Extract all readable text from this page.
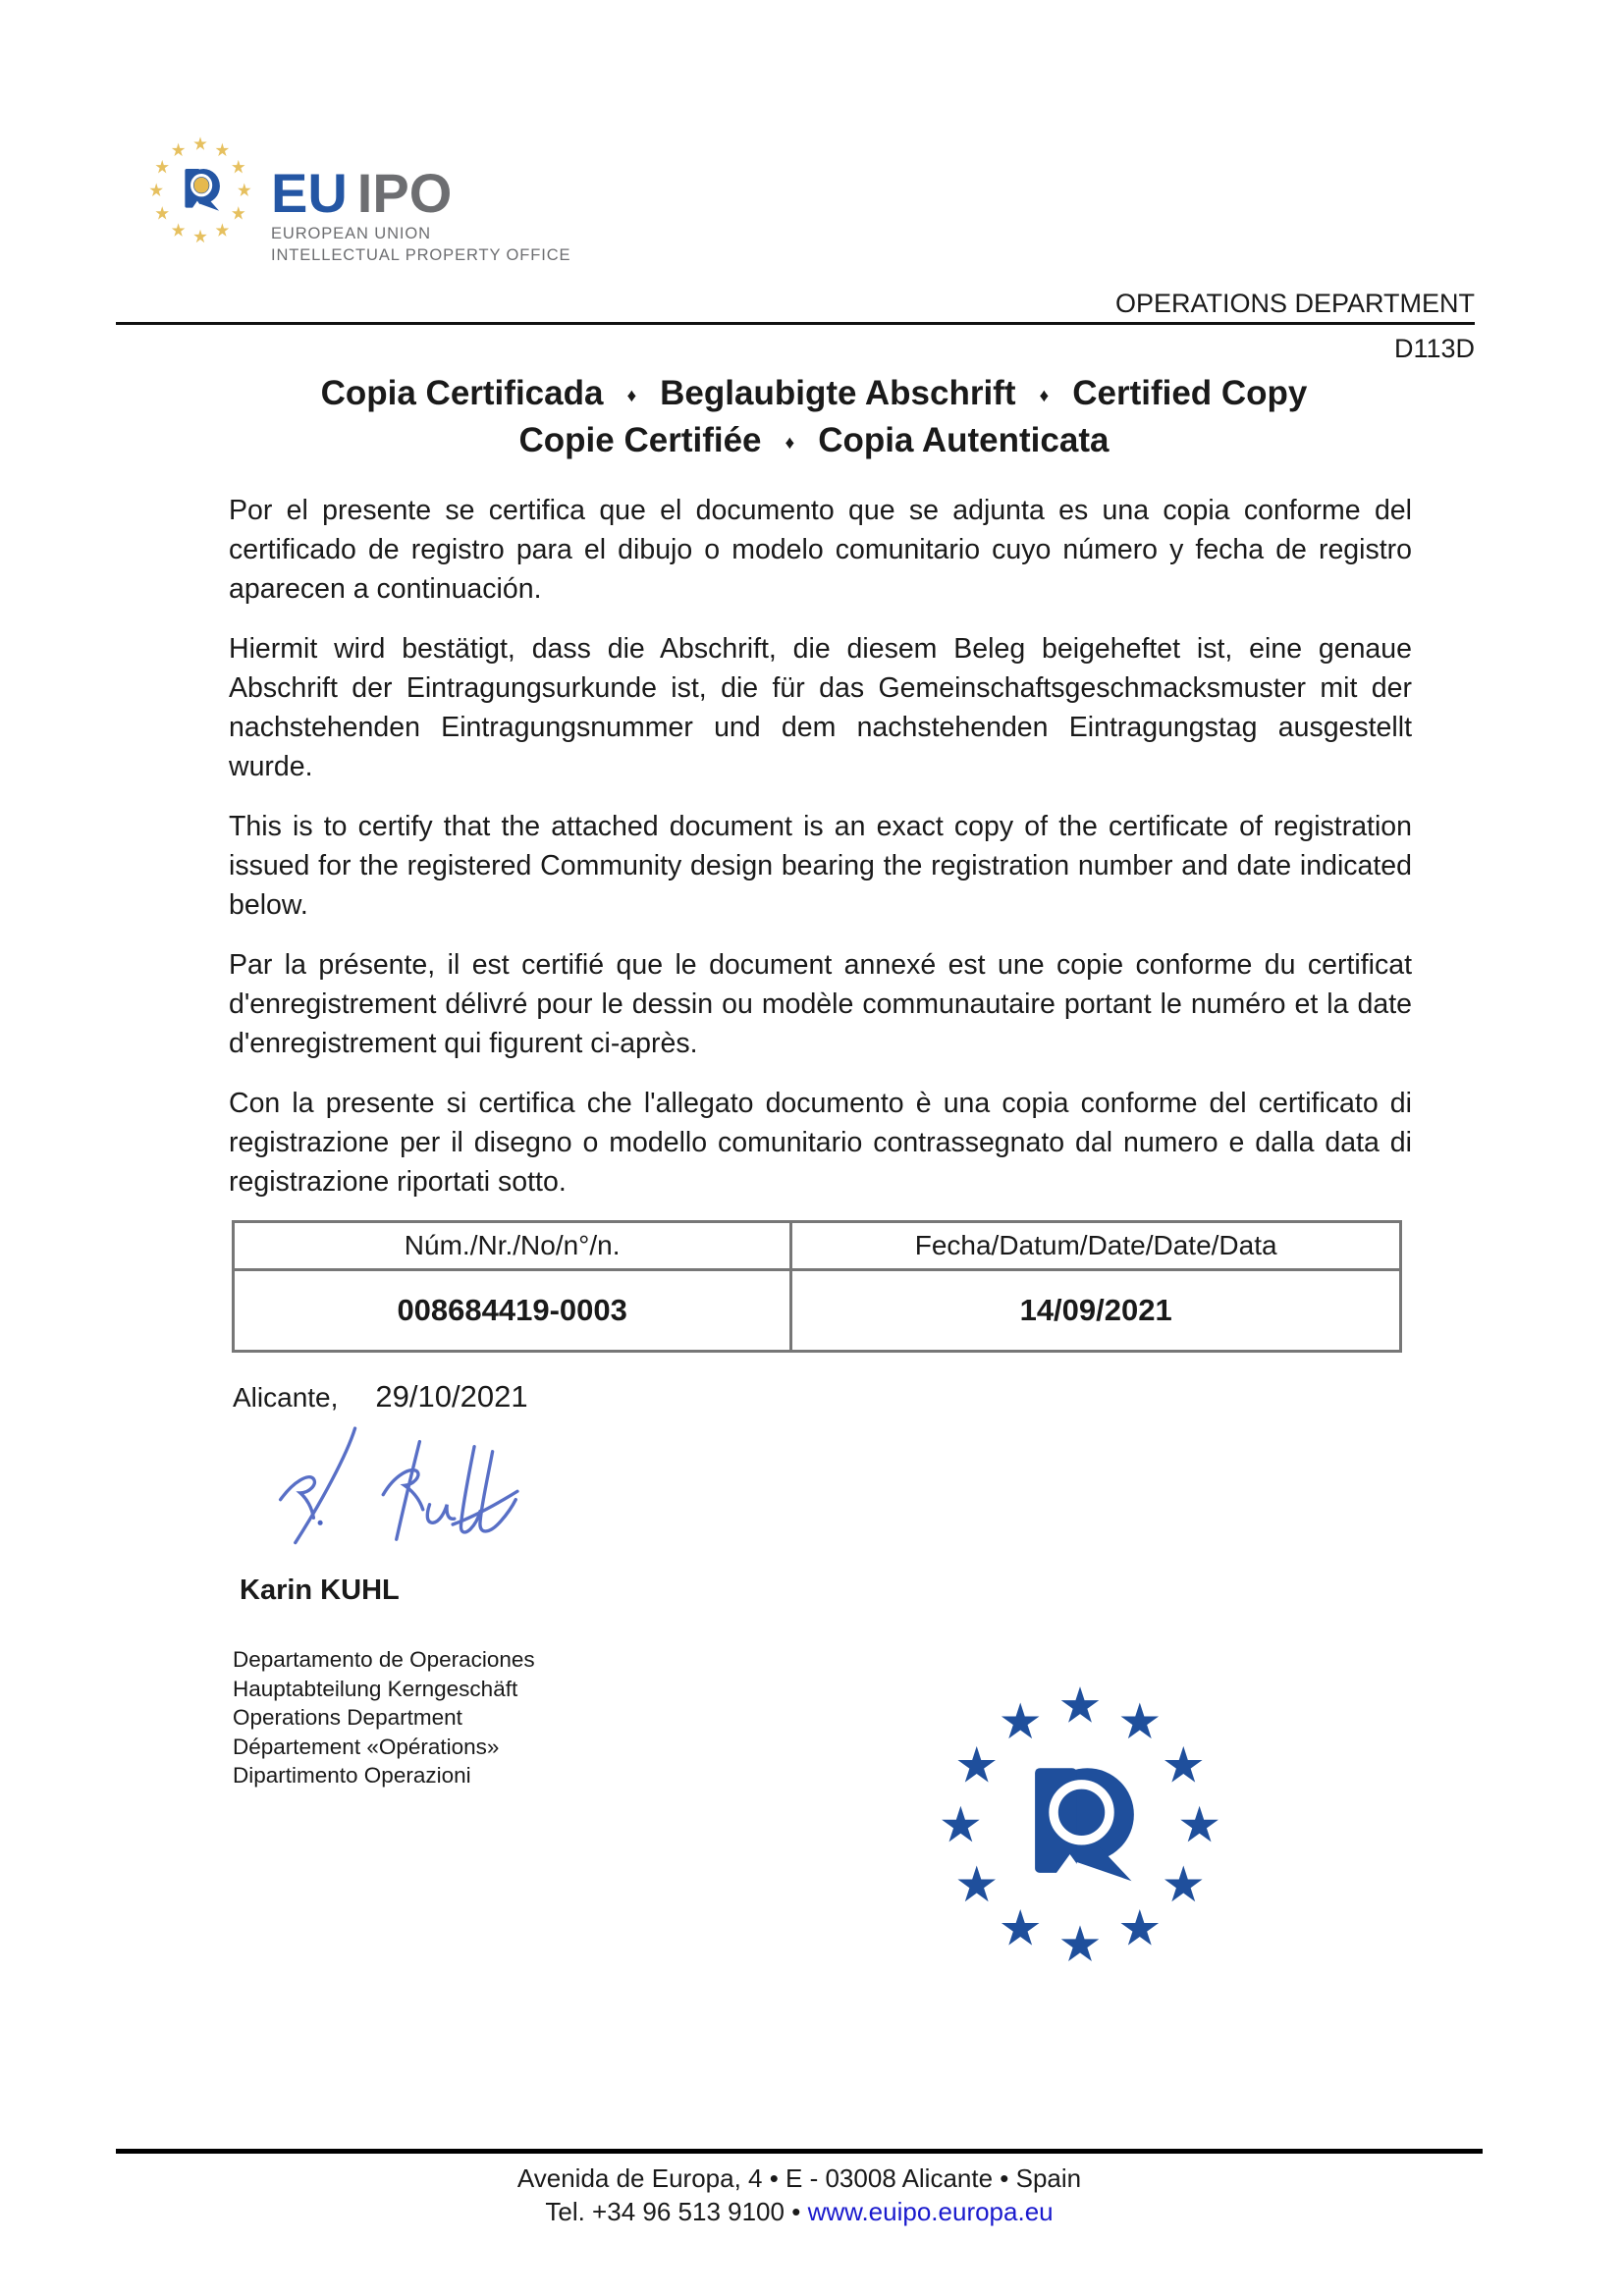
EU IPO
EUROPEAN UNION
INTELLECTUAL PROPERTY OFFICE
OPERATIONS DEPARTMENT
D113D
Copia Certificada ♦ Beglaubigte Abschrift ♦ Certified Copy
Copie Certifiée ♦ Copia Autenticata

Por el presente se certifica que el documento que se adjunta es una copia conforme del certificado de registro para el dibujo o modelo comunitario cuyo número y fecha de registro aparecen a continuación.

Hiermit wird bestätigt, dass die Abschrift, die diesem Beleg beigeheftet ist, eine genaue Abschrift der Eintragungsurkunde ist, die für das Gemeinschaftsgeschmacksmuster mit der nachstehenden Eintragungsnummer und dem nachstehenden Eintragungstag ausgestellt wurde.

This is to certify that the attached document is an exact copy of the certificate of registration issued for the registered Community design bearing the registration number and date indicated below.

Par la présente, il est certifié que le document annexé est une copie conforme du certificat d'enregistrement délivré pour le dessin ou modèle communautaire portant le numéro et la date d'enregistrement qui figurent ci-après.

Con la presente si certifica che l'allegato documento è una copia conforme del certificato di registrazione per il disegno o modello comunitario contrassegnato dal numero e dalla data di registrazione riportati sotto.

Núm./Nr./No/n°/n.	Fecha/Datum/Date/Date/Data
008684419-0003	14/09/2021
Alicante, 29/10/2021
Karin KUHL
Departamento de Operaciones
Hauptabteilung Kerngeschäft
Operations Department
Département «Opérations»
Dipartimento Operazioni
Avenida de Europa, 4 • E - 03008 Alicante • Spain
Tel. +34 96 513 9100 • www.euipo.europa.eu
